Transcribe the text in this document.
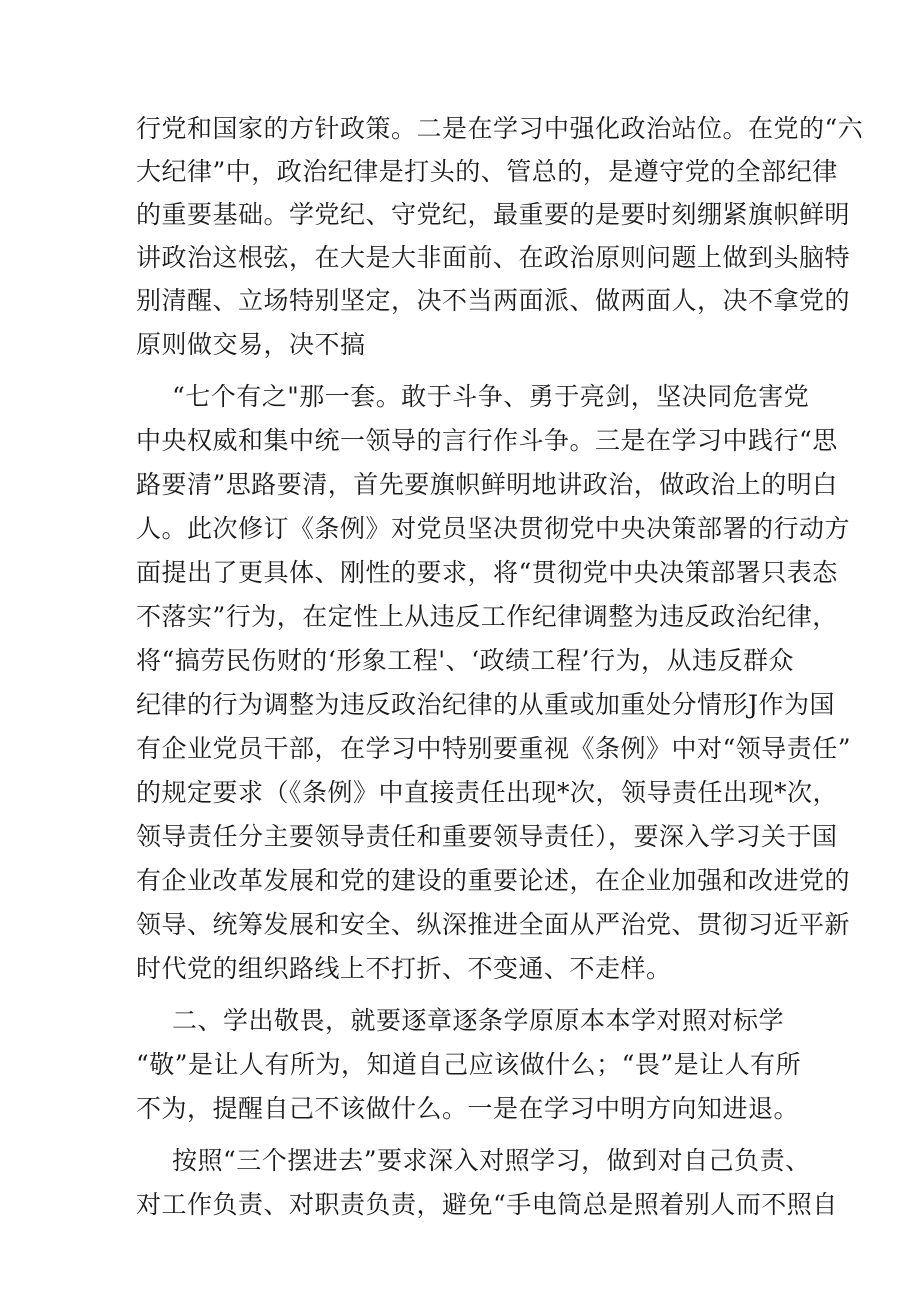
行党和国家的方针政策。二是在学习中强化政治站位。在党的“六
大纪律”中，政治纪律是打头的、管总的，是遵守党的全部纪律
的重要基础。学党纪、守党纪，最重要的是要时刻绷紧旗帜鲜明
讲政治这根弦，在大是大非面前、在政治原则问题上做到头脑特
别清醒、立场特别坚定，决不当两面派、做两面人，决不拿党的
原则做交易，决不搞
“七个有之"那一套。敢于斗争、勇于亮剑，坚决同危害党
中央权威和集中统一领导的言行作斗争。三是在学习中践行“思
路要清”思路要清，首先要旗帜鲜明地讲政治，做政治上的明白
人。此次修订《条例》对党员坚决贯彻党中央决策部署的行动方
面提出了更具体、刚性的要求，将“贯彻党中央决策部署只表态
不落实”行为，在定性上从违反工作纪律调整为违反政治纪律，
将“搞劳民伤财的‘形象工程'、‘政绩工程’行为，从违反群众
纪律的行为调整为违反政治纪律的从重或加重处分情形J作为国
有企业党员干部，在学习中特别要重视《条例》中对“领导责任”
的规定要求（《条例》中直接责任出现*次，领导责任出现*次，
领导责任分主要领导责任和重要领导责任），要深入学习关于国
有企业改革发展和党的建设的重要论述，在企业加强和改进党的
领导、统筹发展和安全、纵深推进全面从严治党、贯彻习近平新
时代党的组织路线上不打折、不变通、不走样。
二、学出敬畏，就要逐章逐条学原原本本学对照对标学
“敬”是让人有所为，知道自己应该做什么；“畏”是让人有所
不为，提醒自己不该做什么。一是在学习中明方向知进退。
按照“三个摆进去”要求深入对照学习，做到对自己负责、
对工作负责、对职责负责，避免“手电筒总是照着别人而不照自
